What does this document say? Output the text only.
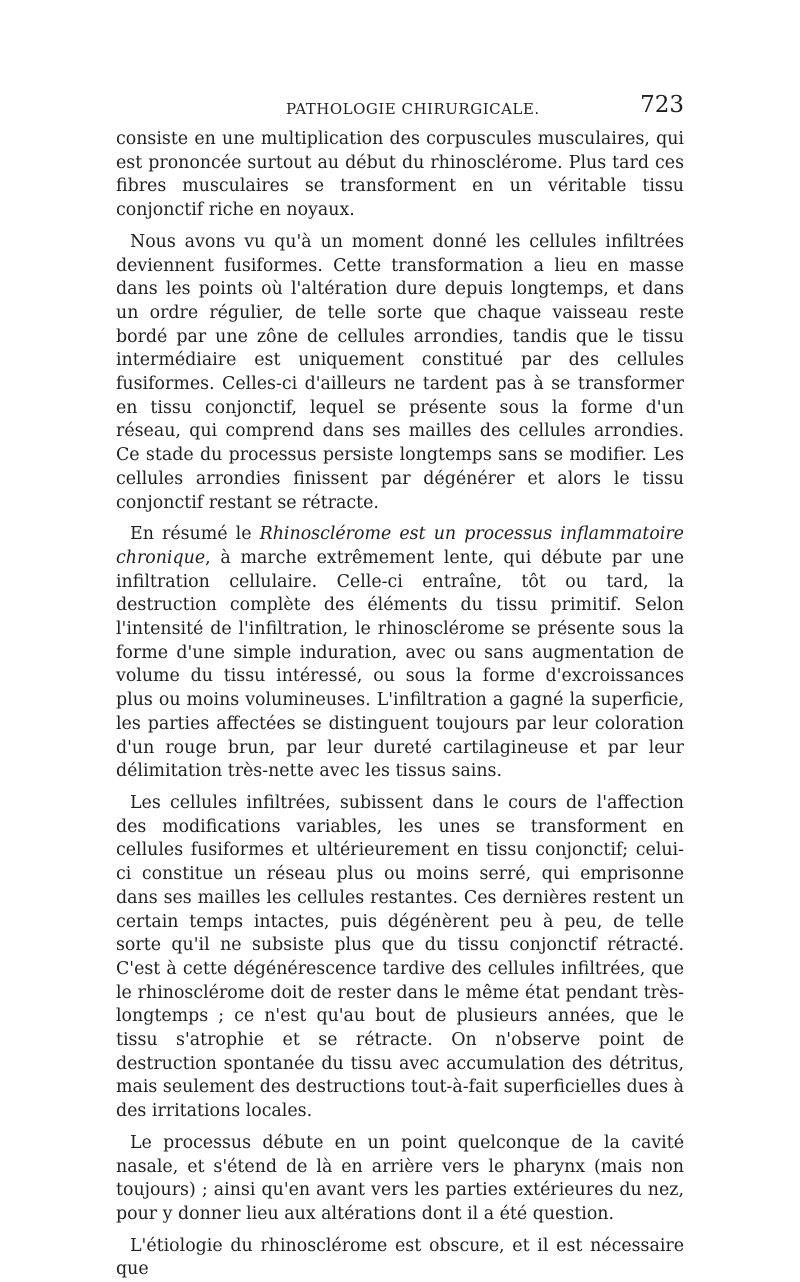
PATHOLOGIE CHIRURGICALE.	723

consiste en une multiplication des corpuscules musculaires, qui est prononcée surtout au début du rhinosclérome. Plus tard ces fibres musculaires se transforment en un véritable tissu conjonctif riche en noyaux.

Nous avons vu qu'à un moment donné les cellules infiltrées deviennent fusiformes. Cette transformation a lieu en masse dans les points où l'altération dure depuis longtemps, et dans un ordre régulier, de telle sorte que chaque vaisseau reste bordé par une zône de cellules arrondies, tandis que le tissu intermédiaire est uniquement constitué par des cellules fusiformes. Celles-ci d'ailleurs ne tardent pas à se transformer en tissu conjonctif, lequel se présente sous la forme d'un réseau, qui comprend dans ses mailles des cellules arrondies. Ce stade du processus persiste longtemps sans se modifier. Les cellules arrondies finissent par dégénérer et alors le tissu conjonctif restant se rétracte.

En résumé le Rhinosclérome est un processus inflammatoire chronique, à marche extrêmement lente, qui débute par une infiltration cellulaire. Celle-ci entraîne, tôt ou tard, la destruction complète des éléments du tissu primitif. Selon l'intensité de l'infiltration, le rhinosclérome se présente sous la forme d'une simple induration, avec ou sans augmentation de volume du tissu intéressé, ou sous la forme d'excroissances plus ou moins volumineuses. L'infiltration a gagné la superficie, les parties affectées se distinguent toujours par leur coloration d'un rouge brun, par leur dureté cartilagineuse et par leur délimitation très-nette avec les tissus sains.

Les cellules infiltrées, subissent dans le cours de l'affection des modifications variables, les unes se transforment en cellules fusiformes et ultérieurement en tissu conjonctif; celui-ci constitue un réseau plus ou moins serré, qui emprisonne dans ses mailles les cellules restantes. Ces dernières restent un certain temps intactes, puis dégénèrent peu à peu, de telle sorte qu'il ne subsiste plus que du tissu conjonctif rétracté. C'est à cette dégénérescence tardive des cellules infiltrées, que le rhinosclérome doit de rester dans le même état pendant très-longtemps ; ce n'est qu'au bout de plusieurs années, que le tissu s'atrophie et se rétracte. On n'observe point de destruction spontanée du tissu avec accumulation des détritus, mais seulement des destructions tout-à-fait superficielles dues à des irritations locales.

Le processus débute en un point quelconque de la cavité nasale, et s'étend de là en arrière vers le pharynx (mais non toujours) ; ainsi qu'en avant vers les parties extérieures du nez, pour y donner lieu aux altérations dont il a été question.

L'étiologie du rhinosclérome est obscure, et il est nécessaire que
